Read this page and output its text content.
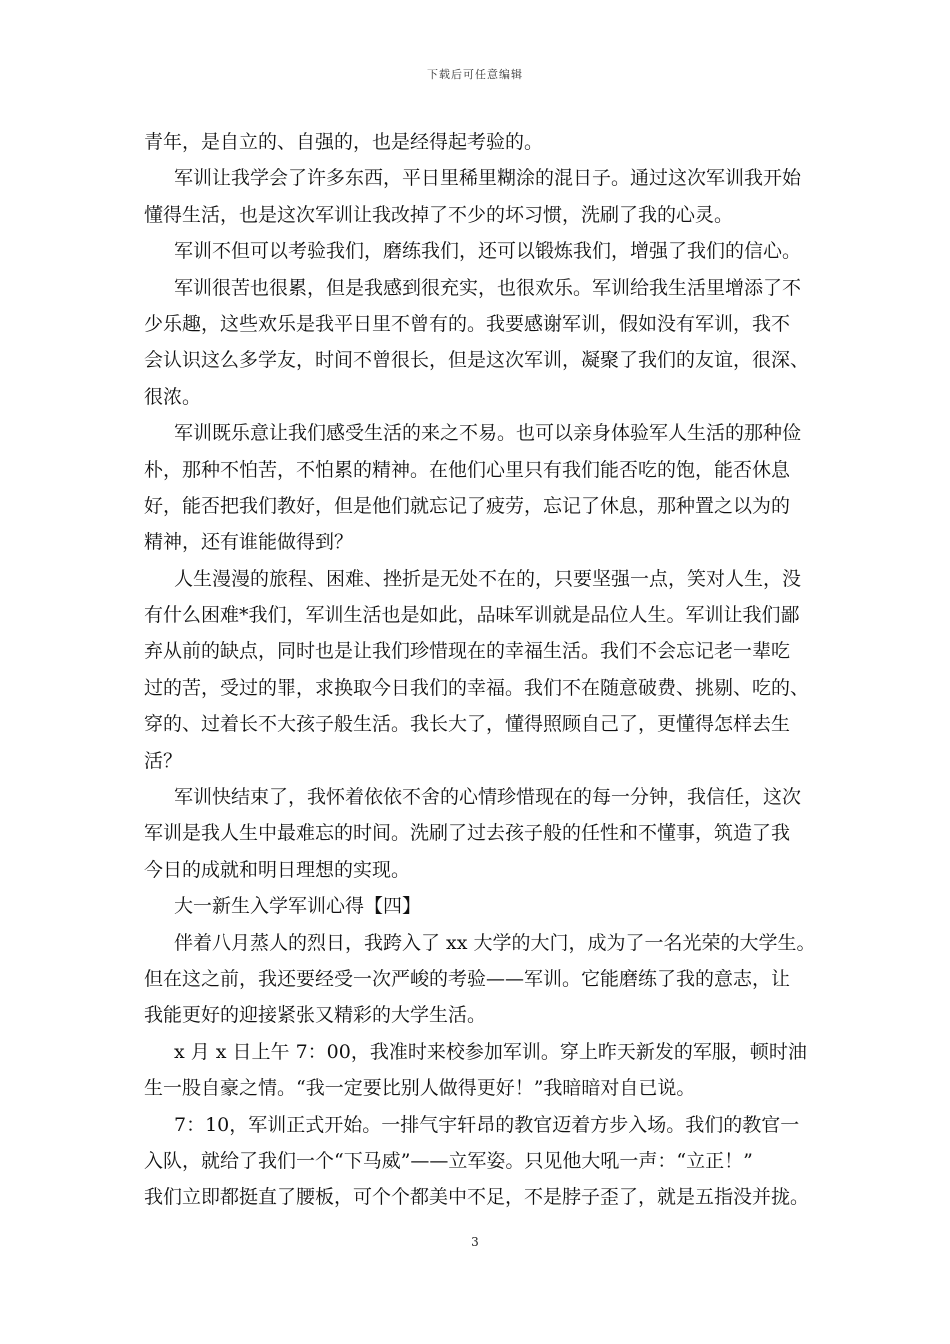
下载后可任意编辑
青年，是自立的、自强的，也是经得起考验的。
军训让我学会了许多东西，平日里稀里糊涂的混日子。通过这次军训我开始
懂得生活，也是这次军训让我改掉了不少的坏习惯，洗刷了我的心灵。
军训不但可以考验我们，磨练我们，还可以锻炼我们，增强了我们的信心。
军训很苦也很累，但是我感到很充实，也很欢乐。军训给我生活里增添了不
少乐趣，这些欢乐是我平日里不曾有的。我要感谢军训，假如没有军训，我不
会认识这么多学友，时间不曾很长，但是这次军训，凝聚了我们的友谊，很深、
很浓。
军训既乐意让我们感受生活的来之不易。也可以亲身体验军人生活的那种俭
朴，那种不怕苦，不怕累的精神。在他们心里只有我们能否吃的饱，能否休息
好，能否把我们教好，但是他们就忘记了疲劳，忘记了休息，那种置之以为的
精神，还有谁能做得到？
人生漫漫的旅程、困难、挫折是无处不在的，只要坚强一点，笑对人生，没
有什么困难*我们，军训生活也是如此，品味军训就是品位人生。军训让我们鄙
弃从前的缺点，同时也是让我们珍惜现在的幸福生活。我们不会忘记老一辈吃
过的苦，受过的罪，求换取今日我们的幸福。我们不在随意破费、挑剔、吃的、
穿的、过着长不大孩子般生活。我长大了，懂得照顾自己了，更懂得怎样去生
活？
军训快结束了，我怀着依依不舍的心情珍惜现在的每一分钟，我信任，这次
军训是我人生中最难忘的时间。洗刷了过去孩子般的任性和不懂事，筑造了我
今日的成就和明日理想的实现。
大一新生入学军训心得【四】
伴着八月蒸人的烈日，我跨入了 xx 大学的大门，成为了一名光荣的大学生。
但在这之前，我还要经受一次严峻的考验——军训。它能磨练了我的意志，让
我能更好的迎接紧张又精彩的大学生活。
x 月 x 日上午 7：00，我准时来校参加军训。穿上昨天新发的军服，顿时油
生一股自豪之情。“我一定要比别人做得更好！”我暗暗对自已说。
7：10，军训正式开始。一排气宇轩昂的教官迈着方步入场。我们的教官一
入队，就给了我们一个“下马威”——立军姿。只见他大吼一声：“立正！”
我们立即都挺直了腰板，可个个都美中不足，不是脖子歪了，就是五指没并拢。
3
